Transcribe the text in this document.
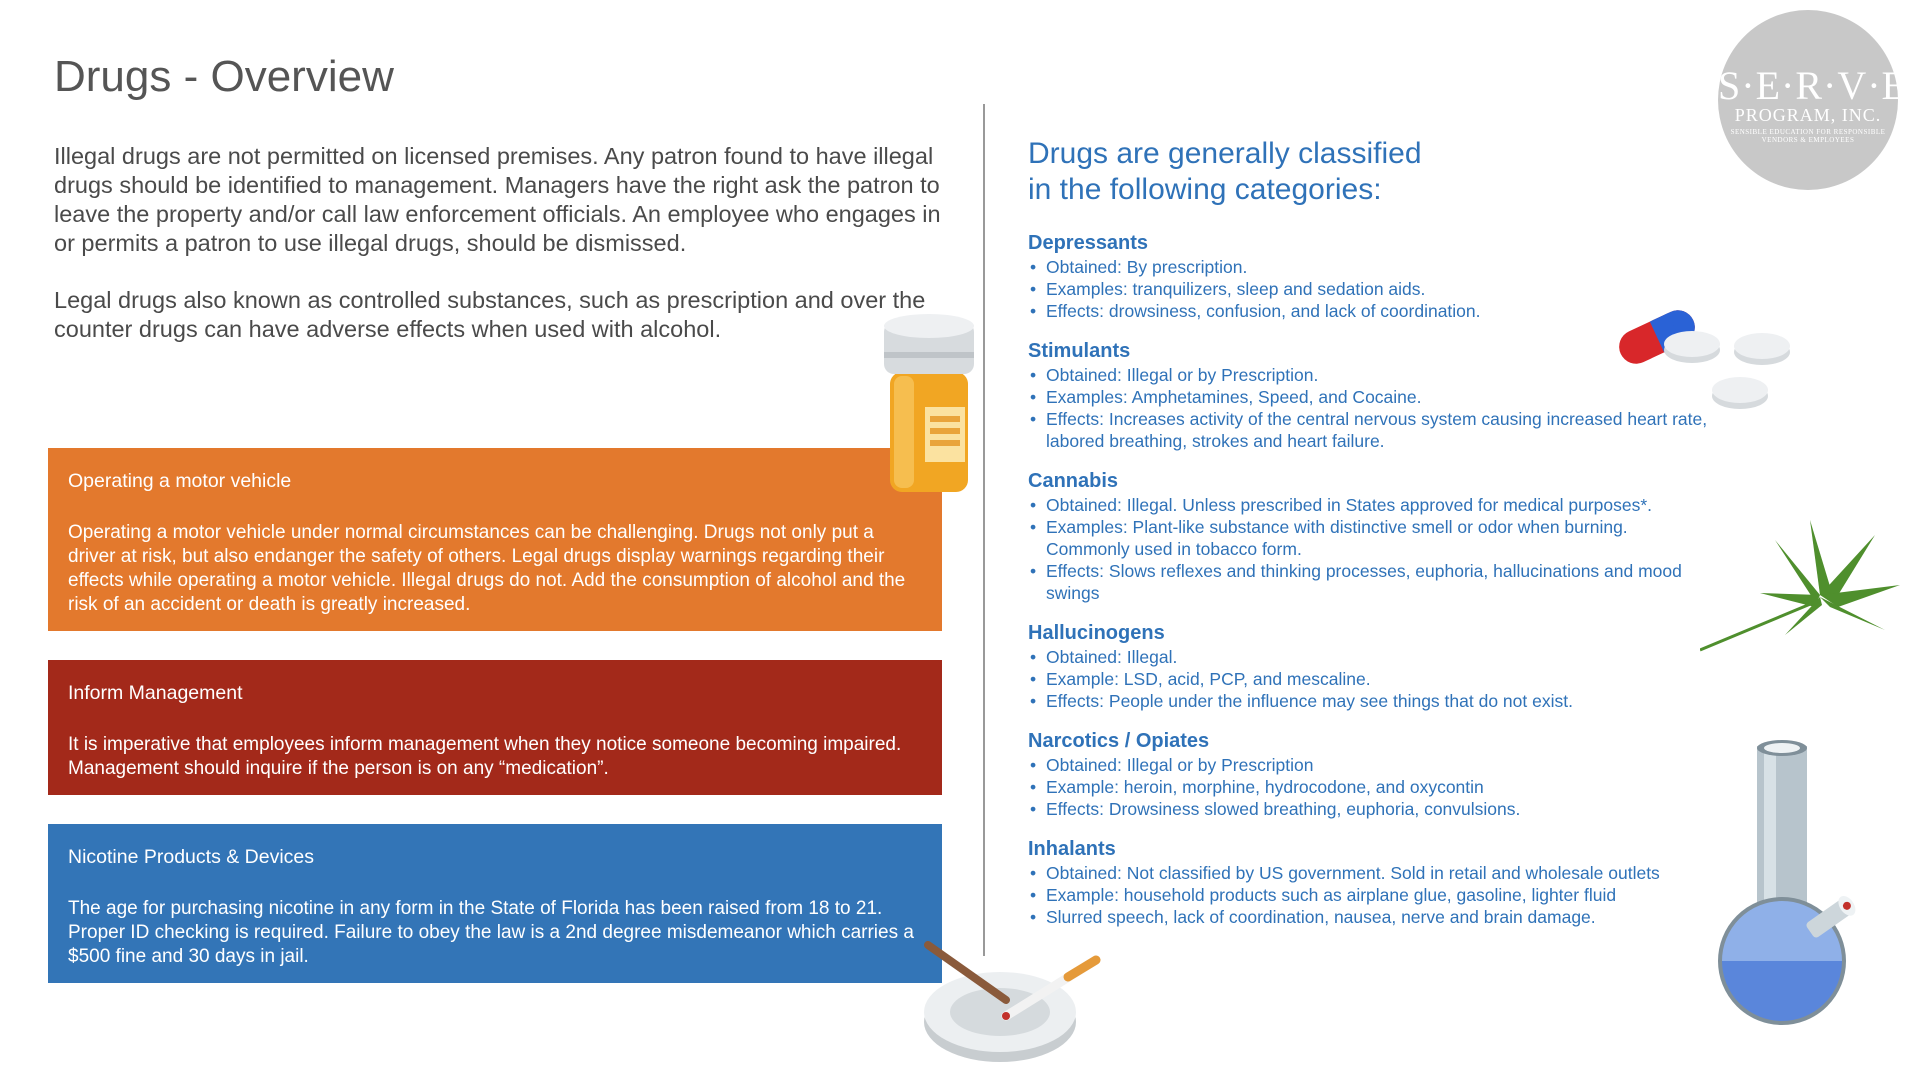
Drugs - Overview

Illegal drugs are not permitted on licensed premises. Any patron found to have illegal drugs should be identified to management. Managers have the right ask the patron to leave the property and/or call law enforcement officials. An employee who engages in or permits a patron to use illegal drugs, should be dismissed.

Legal drugs also known as controlled substances, such as prescription and over the counter drugs can have adverse effects when used with alcohol.

Operating a motor vehicle
Operating a motor vehicle under normal circumstances can be challenging. Drugs not only put a driver at risk, but also endanger the safety of others. Legal drugs display warnings regarding their effects while operating a motor vehicle. Illegal drugs do not. Add the consumption of alcohol and the risk of an accident or death is greatly increased.
Inform Management
It is imperative that employees inform management when they notice someone becoming impaired. Management should inquire if the person is on any “medication”.
Nicotine Products & Devices
The age for purchasing nicotine in any form in the State of Florida has been raised from 18 to 21. Proper ID checking is required. Failure to obey the law is a 2nd degree misdemeanor which carries a $500 fine and 30 days in jail.
Drugs are generally classified
in the following categories:
Depressants
• Obtained: By prescription.
• Examples: tranquilizers, sleep and sedation aids.
• Effects: drowsiness, confusion, and lack of coordination.
Stimulants
• Obtained: Illegal or by Prescription.
• Examples: Amphetamines, Speed, and Cocaine.
• Effects: Increases activity of the central nervous system causing increased heart rate, labored breathing, strokes and heart failure.
Cannabis
• Obtained: Illegal. Unless prescribed in States approved for medical purposes*.
• Examples: Plant-like substance with distinctive smell or odor when burning. Commonly used in tobacco form.
• Effects: Slows reflexes and thinking processes, euphoria, hallucinations and mood swings
Hallucinogens
• Obtained: Illegal.
• Example: LSD, acid, PCP, and mescaline.
• Effects: People under the influence may see things that do not exist.
Narcotics / Opiates
• Obtained: Illegal or by Prescription
• Example: heroin, morphine, hydrocodone, and oxycontin
• Effects: Drowsiness slowed breathing, euphoria, convulsions.
Inhalants
• Obtained: Not classified by US government. Sold in retail and wholesale outlets
• Example: household products such as airplane glue, gasoline, lighter fluid
• Slurred speech, lack of coordination, nausea, nerve and brain damage.
S·E·R·V·E
PROGRAM, INC.
SENSIBLE EDUCATION FOR RESPONSIBLE VENDORS & EMPLOYEES
